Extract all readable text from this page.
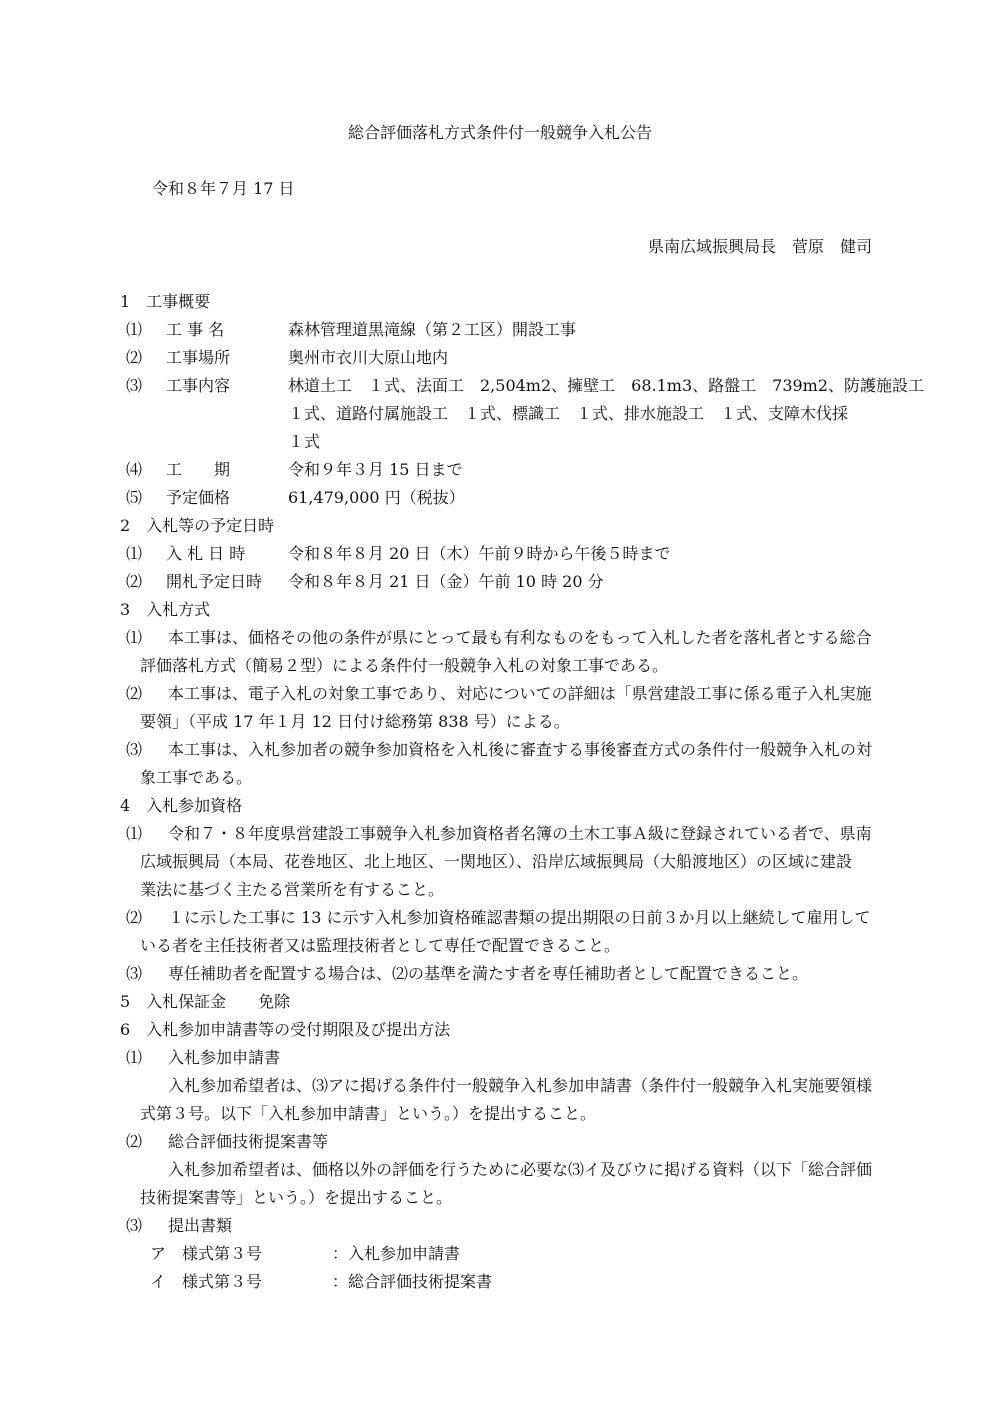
総合評価落札方式条件付一般競争入札公告
令和８年７月 17 日
県南広域振興局長　菅原　健司
1　工事概要
⑴ 工 事 名	森林管理道黒滝線（第２工区）開設工事
⑵ 工事場所	奥州市衣川大原山地内
⑶ 工事内容	林道土工　１式、法面工　2,504m2、擁壁工　68.1m3、路盤工　739m2、防護施設工
１式、道路付属施設工　１式、標識工　１式、排水施設工　１式、支障木伐採
１式
⑷ 工　　期	令和９年３月 15 日まで
⑸ 予定価格	61,479,000 円（税抜）
2　入札等の予定日時
⑴ 入 札 日 時	令和８年８月 20 日（木）午前９時から午後５時まで
⑵ 開札予定日時 令和８年８月 21 日（金）午前 10 時 20 分
3　入札方式
⑴ 本工事は、価格その他の条件が県にとって最も有利なものをもって入札した者を落札者とする総合
評価落札方式（簡易２型）による条件付一般競争入札の対象工事である。
⑵ 本工事は、電子入札の対象工事であり、対応についての詳細は「県営建設工事に係る電子入札実施
要領」（平成 17 年１月 12 日付け総務第 838 号）による。
⑶ 本工事は、入札参加者の競争参加資格を入札後に審査する事後審査方式の条件付一般競争入札の対
象工事である。
4　入札参加資格
⑴ 令和７・８年度県営建設工事競争入札参加資格者名簿の土木工事Ａ級に登録されている者で、県南
広域振興局（本局、花巻地区、北上地区、一関地区）、沿岸広域振興局（大船渡地区）の区域に建設
業法に基づく主たる営業所を有すること。
⑵ １に示した工事に 13 に示す入札参加資格確認書類の提出期限の日前３か月以上継続して雇用して
いる者を主任技術者又は監理技術者として専任で配置できること。
⑶ 専任補助者を配置する場合は、⑵の基準を満たす者を専任補助者として配置できること。
5　入札保証金　　免除
6　入札参加申請書等の受付期限及び提出方法
⑴ 入札参加申請書
入札参加希望者は、⑶アに掲げる条件付一般競争入札参加申請書（条件付一般競争入札実施要領様
式第３号。以下「入札参加申請書」という。）を提出すること。
⑵ 総合評価技術提案書等
入札参加希望者は、価格以外の評価を行うために必要な⑶イ及びウに掲げる資料（以下「総合評価
技術提案書等」という。）を提出すること。
⑶ 提出書類
ア　様式第３号	：入札参加申請書
イ　様式第３号	：総合評価技術提案書
